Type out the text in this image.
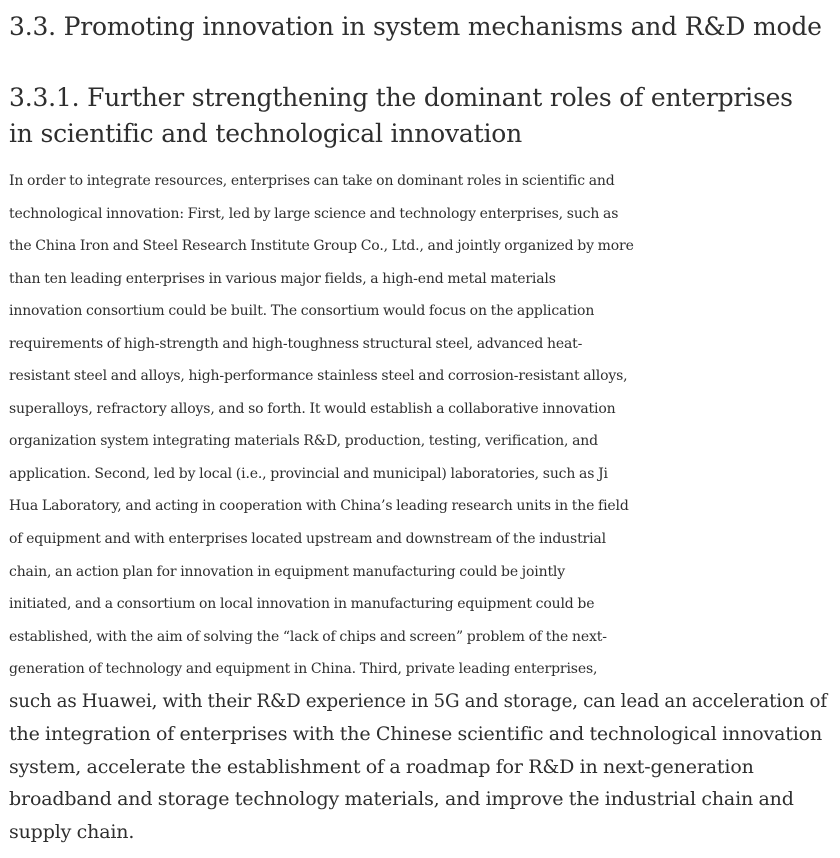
3.3. Promoting innovation in system mechanisms and R&D mode
3.3.1. Further strengthening the dominant roles of enterprises in scientific and technological innovation

In order to integrate resources, enterprises can take on dominant roles in scientific and
technological innovation: First, led by large science and technology enterprises, such as
the China Iron and Steel Research Institute Group Co., Ltd., and jointly organized by more
than ten leading enterprises in various major fields, a high-end metal materials
innovation consortium could be built. The consortium would focus on the application
requirements of high-strength and high-toughness structural steel, advanced heat-
resistant steel and alloys, high-performance stainless steel and corrosion-resistant alloys,
superalloys, refractory alloys, and so forth. It would establish a collaborative innovation
organization system integrating materials R&D, production, testing, verification, and
application. Second, led by local (i.e., provincial and municipal) laboratories, such as Ji
Hua Laboratory, and acting in cooperation with China’s leading research units in the field
of equipment and with enterprises located upstream and downstream of the industrial
chain, an action plan for innovation in equipment manufacturing could be jointly
initiated, and a consortium on local innovation in manufacturing equipment could be
established, with the aim of solving the “lack of chips and screen” problem of the next-
generation of technology and equipment in China. Third, private leading enterprises,
such as Huawei, with their R&D experience in 5G and storage, can lead an acceleration of
the integration of enterprises with the Chinese scientific and technological innovation
system, accelerate the establishment of a roadmap for R&D in next-generation
broadband and storage technology materials, and improve the industrial chain and
supply chain.
